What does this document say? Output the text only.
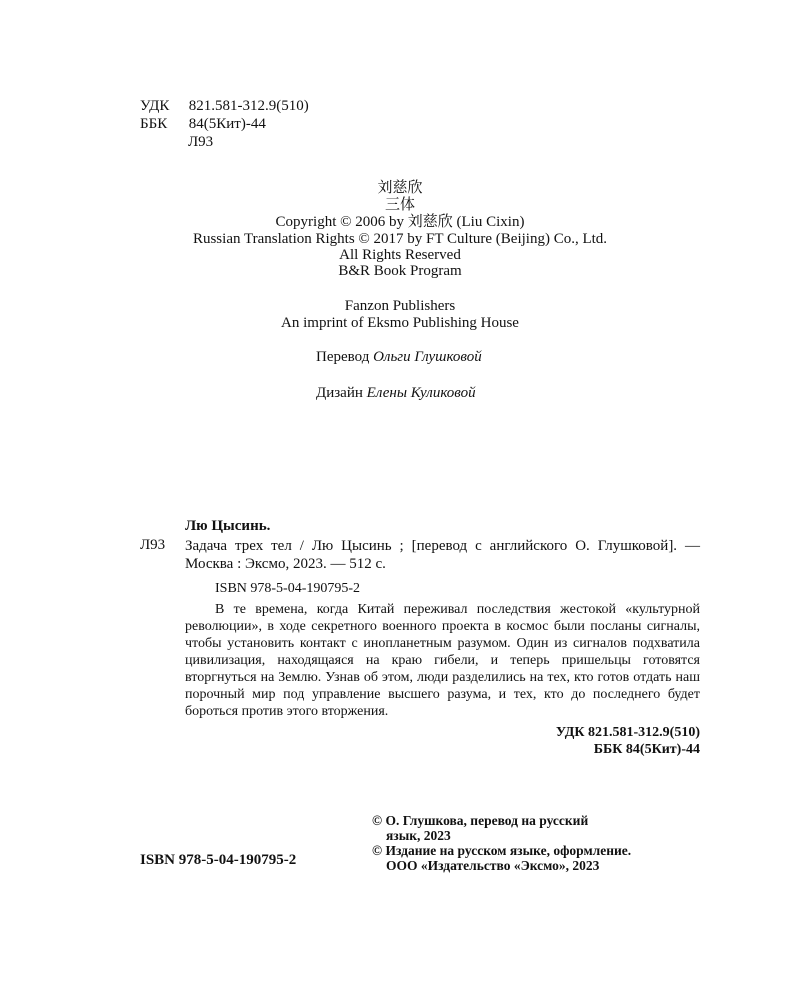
УДК 821.581-312.9(510)
ББК 84(5Кит)-44
Л93
刘慈欣
三体
Copyright © 2006 by 刘慈欣 (Liu Cixin)
Russian Translation Rights © 2017 by FT Culture (Beijing) Co., Ltd.
All Rights Reserved
B&R Book Program
Fanzon Publishers
An imprint of Eksmo Publishing House
Перевод Ольги Глушковой
Дизайн Елены Куликовой
Лю Цысинь.
Л93 Задача трех тел / Лю Цысинь ; [перевод с английского О. Глушковой]. — Москва : Эксмо, 2023. — 512 с.
ISBN 978-5-04-190795-2
В те времена, когда Китай переживал последствия жестокой «культурной революции», в ходе секретного военного проекта в космос были посланы сигналы, чтобы установить контакт с инопланетным разумом. Один из сигналов подхватила цивилизация, находящаяся на краю гибели, и теперь пришельцы готовятся вторгнуться на Землю. Узнав об этом, люди разделились на тех, кто готов отдать наш порочный мир под управление высшего разума, и тех, кто до последнего будет бороться против этого вторжения.
УДК 821.581-312.9(510)
ББК 84(5Кит)-44
© О. Глушкова, перевод на русский
язык, 2023
© Издание на русском языке, оформление.
ООО «Издательство «Эксмо», 2023
ISBN 978-5-04-190795-2
